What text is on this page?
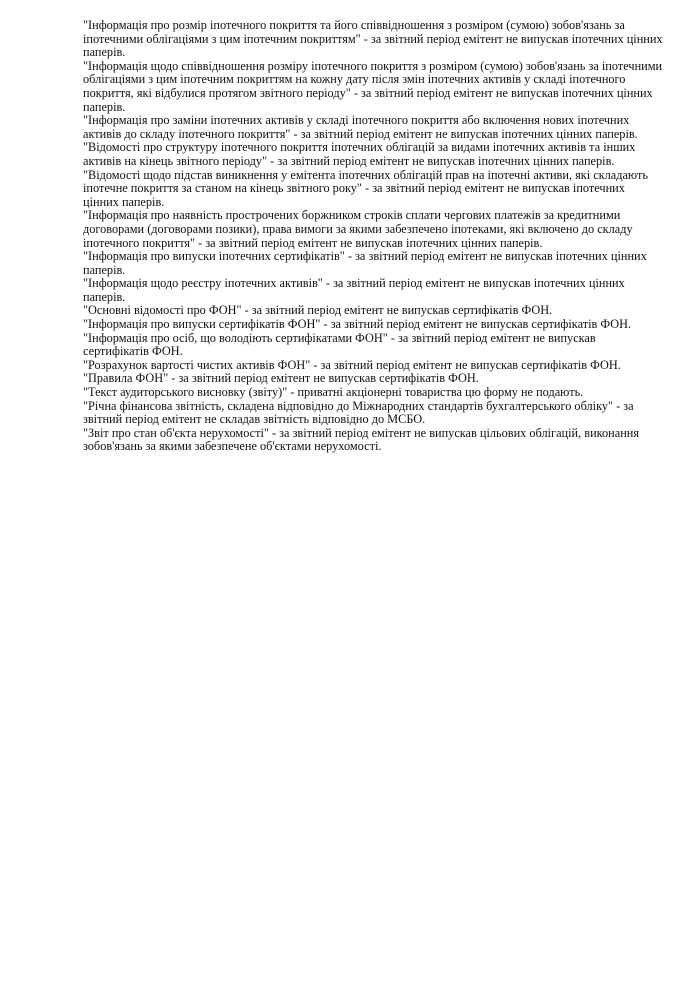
"Інформація про розмір іпотечного покриття та його співвідношення з розміром (сумою) зобов'язань за іпотечними облігаціями з цим іпотечним покриттям" - за звітний період емітент не випускав іпотечних цінних паперів.

"Інформація щодо співвідношення розміру іпотечного покриття з розміром (сумою) зобов'язань за іпотечними облігаціями з цим іпотечним покриттям на кожну дату після змін іпотечних активів у складі іпотечного покриття, які відбулися протягом звітного періоду" - за звітний період емітент не випускав іпотечних цінних паперів.

"Інформація про заміни іпотечних активів у складі іпотечного покриття або включення нових іпотечних активів до складу іпотечного покриття" - за звітний період емітент не випускав іпотечних цінних паперів.

"Відомості про структуру іпотечного покриття іпотечних облігацій за видами іпотечних активів та інших активів на кінець звітного періоду" - за звітний період емітент не випускав іпотечних цінних паперів.

"Відомості щодо підстав виникнення у емітента іпотечних облігацій прав на іпотечні активи, які складають іпотечне покриття за станом на кінець звітного року" - за звітний період емітент не випускав іпотечних цінних паперів.

"Інформація про наявність прострочених боржником строків сплати чергових платежів за кредитними договорами (договорами позики), права вимоги за якими забезпечено іпотеками, які включено до складу іпотечного покриття" - за звітний період емітент не випускав іпотечних цінних паперів.

"Інформація про випуски іпотечних сертифікатів" - за звітний період емітент не випускав іпотечних цінних паперів.

"Інформація щодо реєстру іпотечних активів" - за звітний період емітент не випускав іпотечних цінних паперів.

"Основні відомості про ФОН" - за звітний період емітент не випускав сертифікатів ФОН.

"Інформація про випуски сертифікатів ФОН" - за звітний період емітент не випускав сертифікатів ФОН.

"Інформація про осіб, що володіють сертифікатами ФОН" - за звітний період емітент не випускав сертифікатів ФОН.

"Розрахунок вартості чистих активів ФОН" - за звітний період емітент не випускав сертифікатів ФОН.

"Правила ФОН" - за звітний період емітент не випускав сертифікатів ФОН.

"Текст аудиторського висновку (звіту)" - приватні акціонерні товариства цю форму не подають.

"Річна фінансова звітність, складена відповідно до Міжнародних стандартів бухгалтерського обліку" - за звітний період емітент не складав звітність відповідно до МСБО.

"Звіт про стан об'єкта нерухомості" - за звітний період емітент не випускав цільових облігацій, виконання зобов'язань за якими забезпечене об'єктами нерухомості.
